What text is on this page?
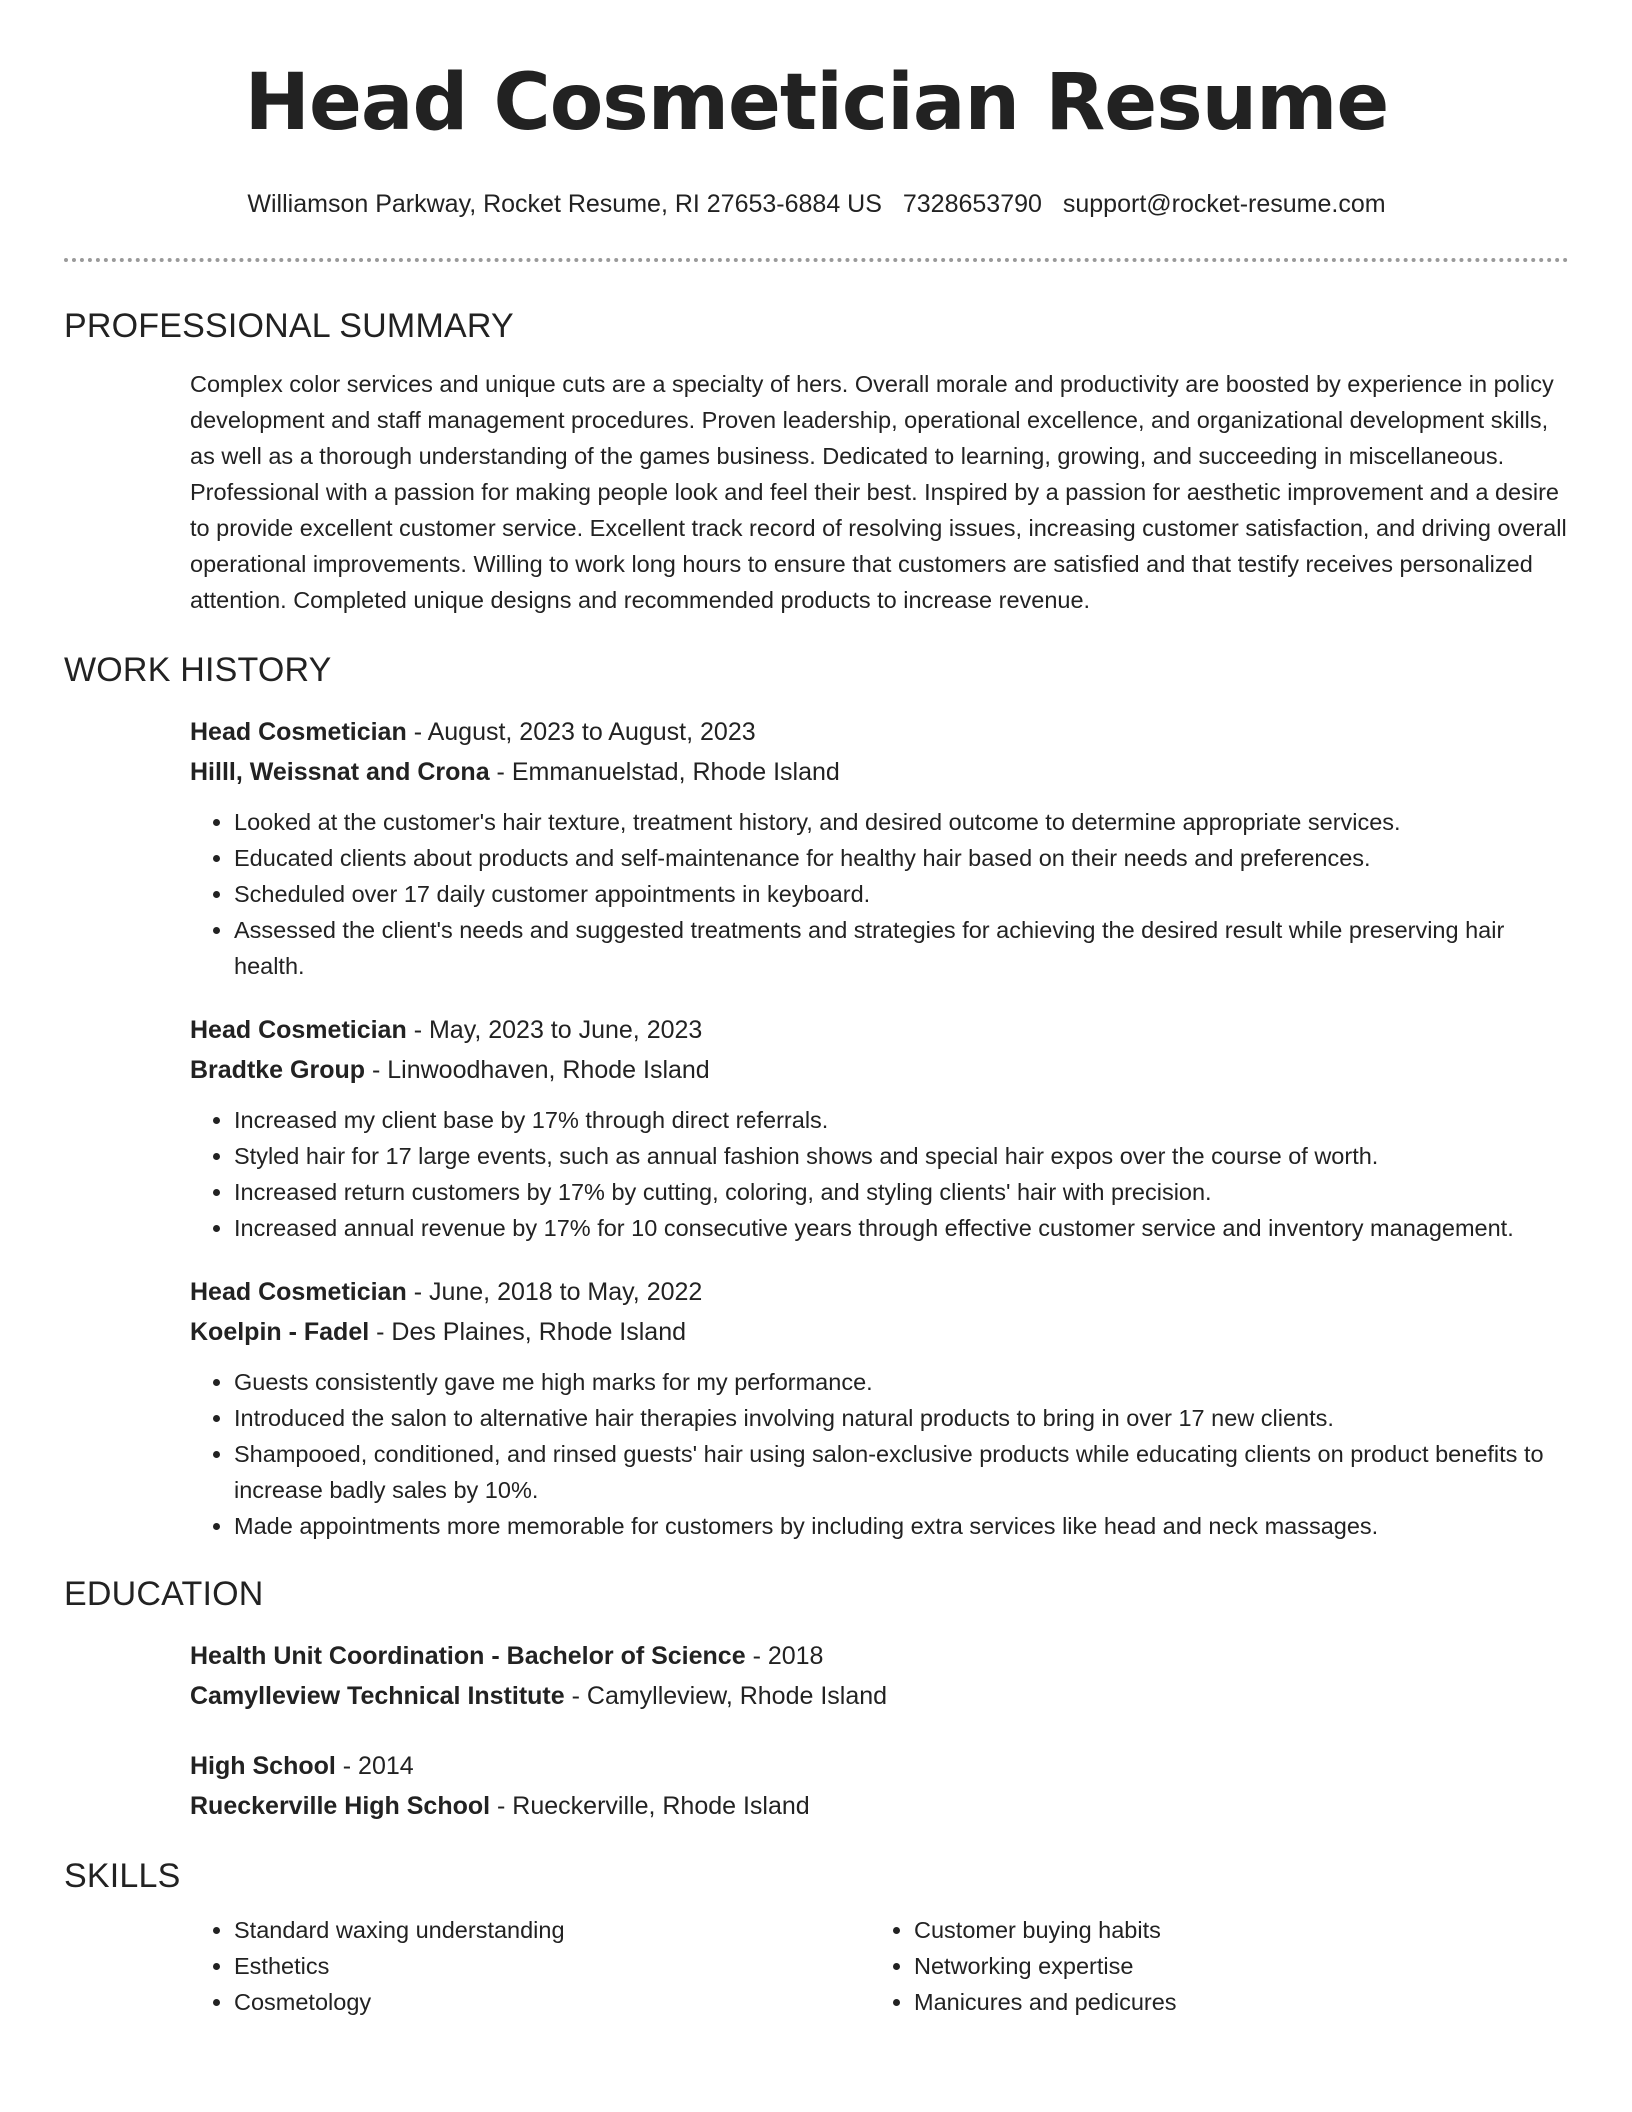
Head Cosmetician Resume
Williamson Parkway, Rocket Resume, RI 27653-6884 US 7328653790 support@rocket-resume.com
PROFESSIONAL SUMMARY

Complex color services and unique cuts are a specialty of hers. Overall morale and productivity are boosted by experience in policy development and staff management procedures. Proven leadership, operational excellence, and organizational development skills, as well as a thorough understanding of the games business. Dedicated to learning, growing, and succeeding in miscellaneous. Professional with a passion for making people look and feel their best. Inspired by a passion for aesthetic improvement and a desire to provide excellent customer service. Excellent track record of resolving issues, increasing customer satisfaction, and driving overall operational improvements. Willing to work long hours to ensure that customers are satisfied and that testify receives personalized attention. Completed unique designs and recommended products to increase revenue.

WORK HISTORY

Head Cosmetician - August, 2023 to August, 2023

Hilll, Weissnat and Crona - Emmanuelstad, Rhode Island

• Looked at the customer's hair texture, treatment history, and desired outcome to determine appropriate services.
• Educated clients about products and self-maintenance for healthy hair based on their needs and preferences.
• Scheduled over 17 daily customer appointments in keyboard.
• Assessed the client's needs and suggested treatments and strategies for achieving the desired result while preserving hair health.

Head Cosmetician - May, 2023 to June, 2023

Bradtke Group - Linwoodhaven, Rhode Island

• Increased my client base by 17% through direct referrals.
• Styled hair for 17 large events, such as annual fashion shows and special hair expos over the course of worth.
• Increased return customers by 17% by cutting, coloring, and styling clients' hair with precision.
• Increased annual revenue by 17% for 10 consecutive years through effective customer service and inventory management.

Head Cosmetician - June, 2018 to May, 2022

Koelpin - Fadel - Des Plaines, Rhode Island

• Guests consistently gave me high marks for my performance.
• Introduced the salon to alternative hair therapies involving natural products to bring in over 17 new clients.
• Shampooed, conditioned, and rinsed guests' hair using salon-exclusive products while educating clients on product benefits to increase badly sales by 10%.
• Made appointments more memorable for customers by including extra services like head and neck massages.
EDUCATION

Health Unit Coordination - Bachelor of Science - 2018

Camylleview Technical Institute - Camylleview, Rhode Island

High School - 2014

Rueckerville High School - Rueckerville, Rhode Island

SKILLS
• Standard waxing understanding
• Esthetics
• Cosmetology
• Customer buying habits
• Networking expertise
• Manicures and pedicures
